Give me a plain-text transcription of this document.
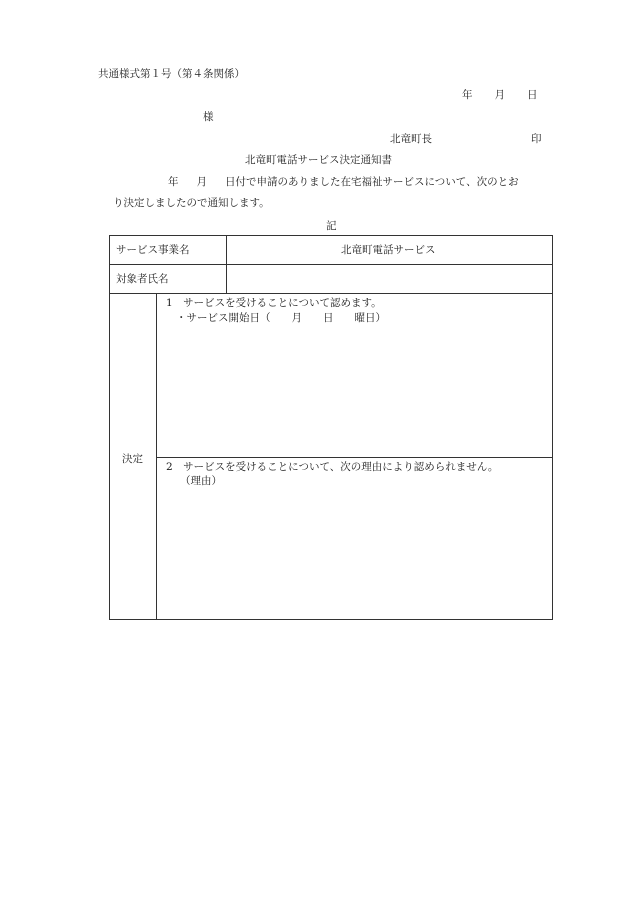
共通様式第１号（第４条関係）
年 月 日
様
北竜町長	印
北竜町電話サービス決定通知書
年 月 日付で申請のありました在宅福祉サービスについて、次のとお
り決定しましたので通知します。
記
サービス事業名	北竜町電話サービス
対象者氏名
決定
1　サービスを受けることについて認めます。
・サービス開始日（　　月　　日　　曜日）
2　サービスを受けることについて、次の理由により認められません。
（理由）
